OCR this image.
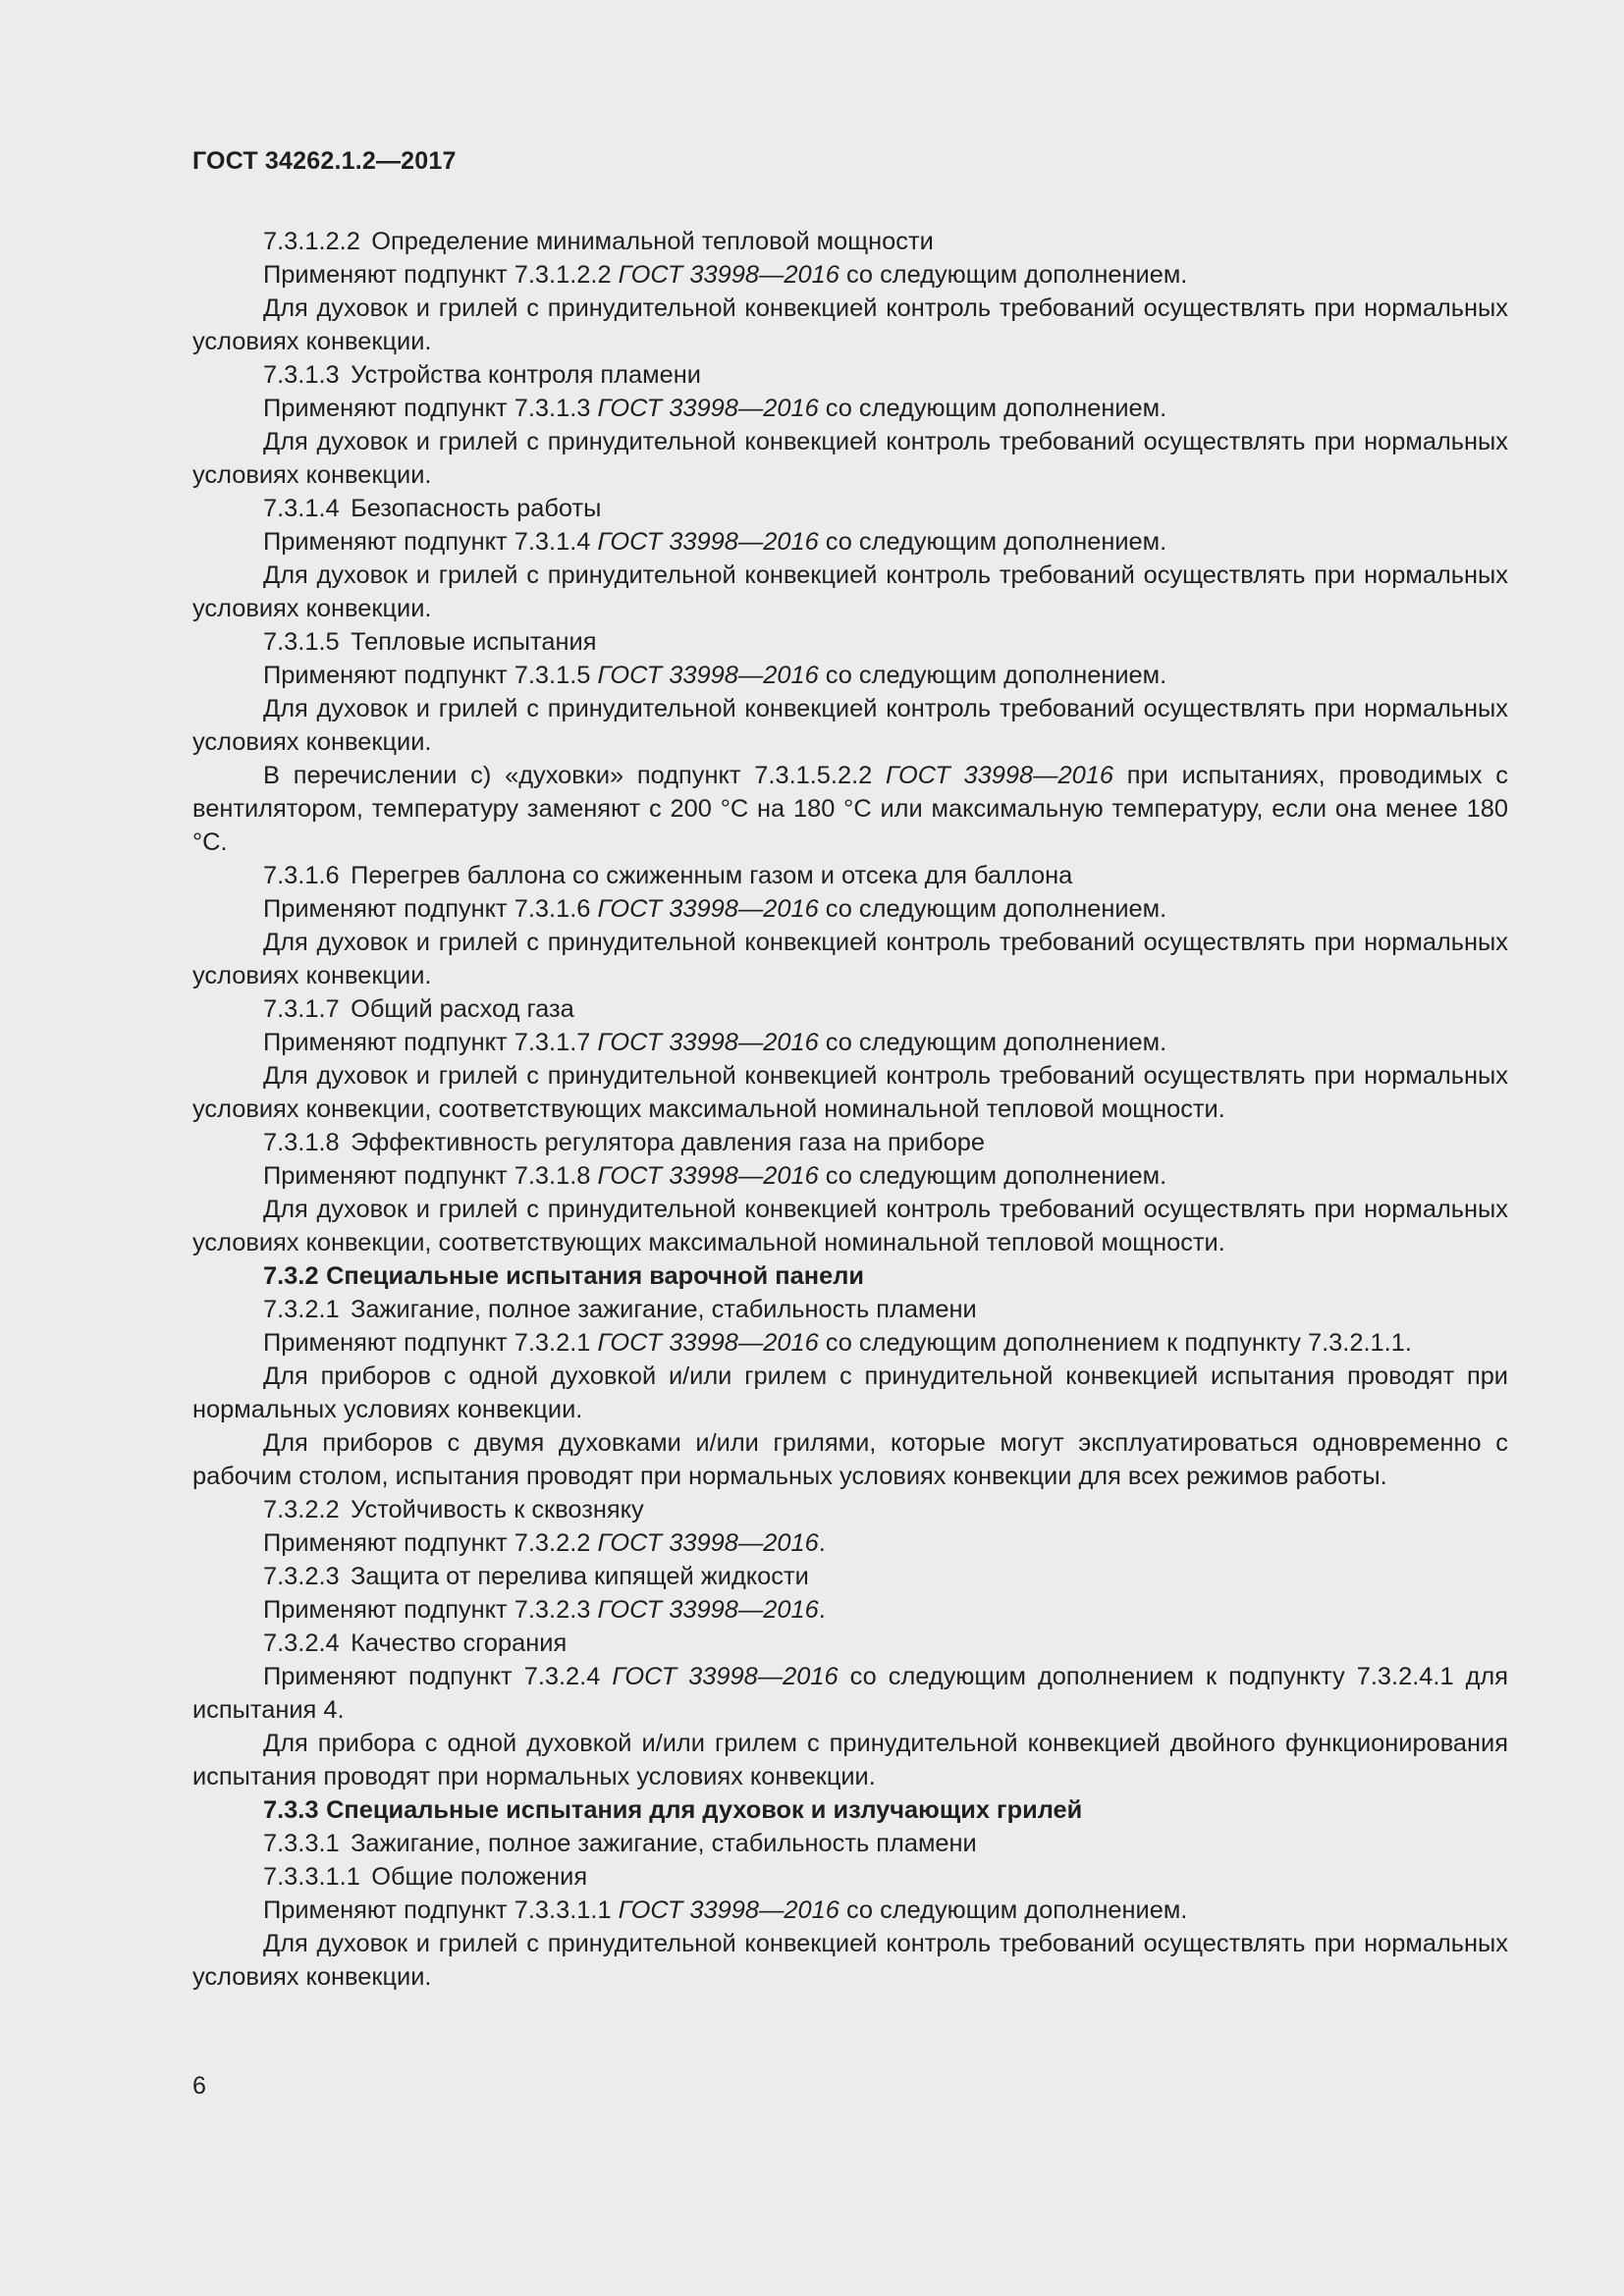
ГОСТ 34262.1.2—2017

7.3.1.2.2 Определение минимальной тепловой мощности

Применяют подпункт 7.3.1.2.2 ГОСТ 33998—2016 со следующим дополнением.

Для духовок и грилей с принудительной конвекцией контроль требований осуществлять при нормальных условиях конвекции.

7.3.1.3 Устройства контроля пламени

Применяют подпункт 7.3.1.3 ГОСТ 33998—2016 со следующим дополнением.

Для духовок и грилей с принудительной конвекцией контроль требований осуществлять при нормальных условиях конвекции.

7.3.1.4 Безопасность работы

Применяют подпункт 7.3.1.4 ГОСТ 33998—2016 со следующим дополнением.

Для духовок и грилей с принудительной конвекцией контроль требований осуществлять при нормальных условиях конвекции.

7.3.1.5 Тепловые испытания

Применяют подпункт 7.3.1.5 ГОСТ 33998—2016 со следующим дополнением.

Для духовок и грилей с принудительной конвекцией контроль требований осуществлять при нормальных условиях конвекции.

В перечислении с) «духовки» подпункт 7.3.1.5.2.2 ГОСТ 33998—2016 при испытаниях, проводимых с вентилятором, температуру заменяют с 200 °С на 180 °С или максимальную температуру, если она менее 180 °С.

7.3.1.6 Перегрев баллона со сжиженным газом и отсека для баллона

Применяют подпункт 7.3.1.6 ГОСТ 33998—2016 со следующим дополнением.

Для духовок и грилей с принудительной конвекцией контроль требований осуществлять при нормальных условиях конвекции.

7.3.1.7 Общий расход газа

Применяют подпункт 7.3.1.7 ГОСТ 33998—2016 со следующим дополнением.

Для духовок и грилей с принудительной конвекцией контроль требований осуществлять при нормальных условиях конвекции, соответствующих максимальной номинальной тепловой мощности.

7.3.1.8 Эффективность регулятора давления газа на приборе

Применяют подпункт 7.3.1.8 ГОСТ 33998—2016 со следующим дополнением.

Для духовок и грилей с принудительной конвекцией контроль требований осуществлять при нормальных условиях конвекции, соответствующих максимальной номинальной тепловой мощности.

7.3.2 Специальные испытания варочной панели

7.3.2.1 Зажигание, полное зажигание, стабильность пламени

Применяют подпункт 7.3.2.1 ГОСТ 33998—2016 со следующим дополнением к подпункту 7.3.2.1.1.

Для приборов с одной духовкой и/или грилем с принудительной конвекцией испытания проводят при нормальных условиях конвекции.

Для приборов с двумя духовками и/или грилями, которые могут эксплуатироваться одновременно с рабочим столом, испытания проводят при нормальных условиях конвекции для всех режимов работы.

7.3.2.2 Устойчивость к сквозняку

Применяют подпункт 7.3.2.2 ГОСТ 33998—2016.

7.3.2.3 Защита от перелива кипящей жидкости

Применяют подпункт 7.3.2.3 ГОСТ 33998—2016.

7.3.2.4 Качество сгорания

Применяют подпункт 7.3.2.4 ГОСТ 33998—2016 со следующим дополнением к подпункту 7.3.2.4.1 для испытания 4.

Для прибора с одной духовкой и/или грилем с принудительной конвекцией двойного функционирования испытания проводят при нормальных условиях конвекции.

7.3.3 Специальные испытания для духовок и излучающих грилей

7.3.3.1 Зажигание, полное зажигание, стабильность пламени

7.3.3.1.1 Общие положения

Применяют подпункт 7.3.3.1.1 ГОСТ 33998—2016 со следующим дополнением.

Для духовок и грилей с принудительной конвекцией контроль требований осуществлять при нормальных условиях конвекции.

6
